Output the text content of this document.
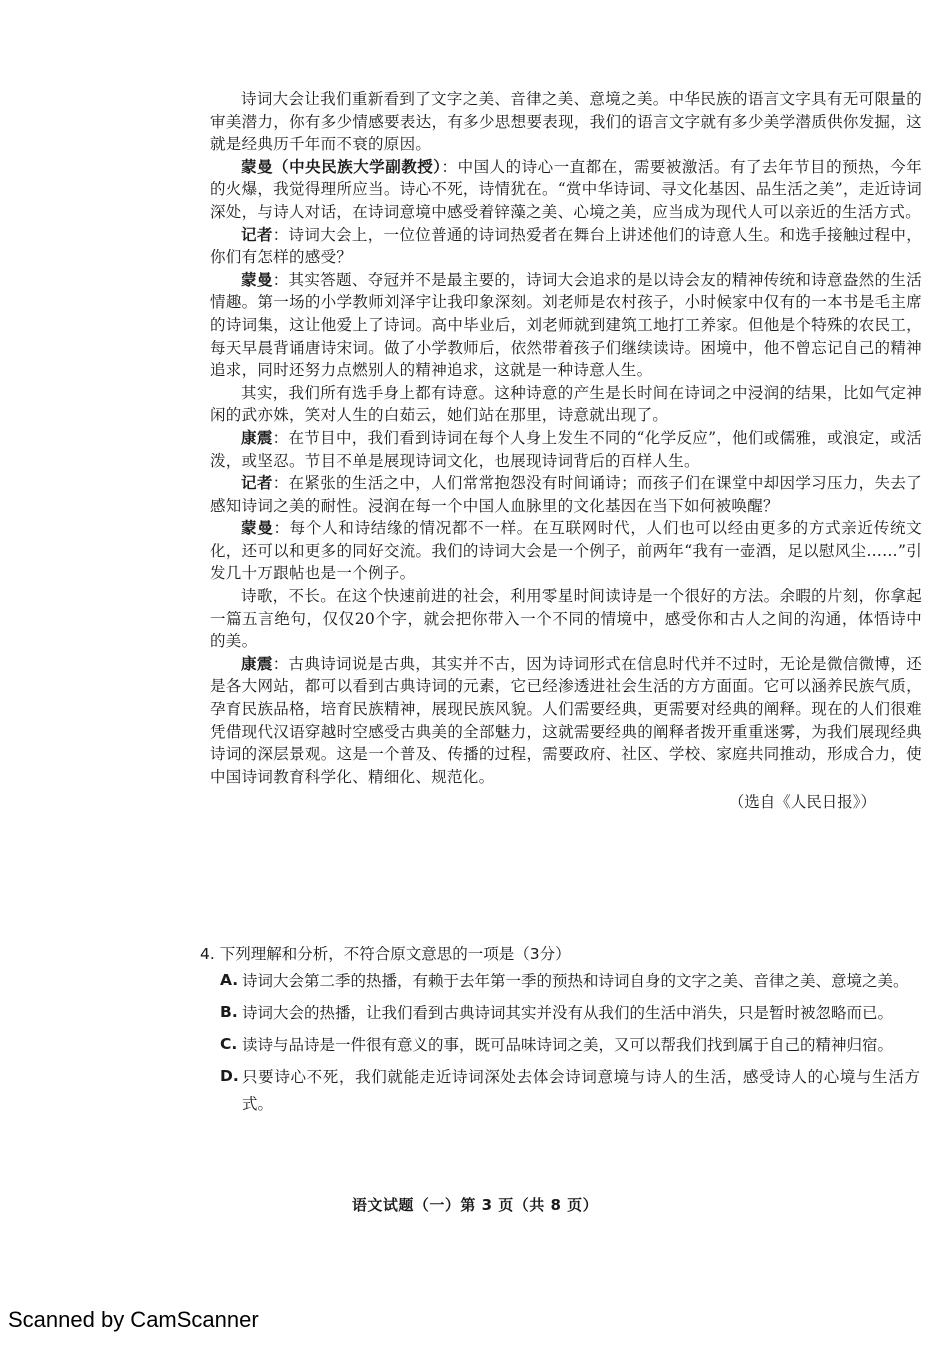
诗词大会让我们重新看到了文字之美、音律之美、意境之美。中华民族的语言文字具有无可限量的审美潜力，你有多少情感要表达，有多少思想要表现，我们的语言文字就有多少美学潜质供你发掘，这就是经典历千年而不衰的原因。

蒙曼（中央民族大学副教授）：中国人的诗心一直都在，需要被激活。有了去年节目的预热，今年的火爆，我觉得理所应当。诗心不死，诗情犹在。“赏中华诗词、寻文化基因、品生活之美”，走近诗词深处，与诗人对话，在诗词意境中感受着锌藻之美、心境之美，应当成为现代人可以亲近的生活方式。

记者：诗词大会上，一位位普通的诗词热爱者在舞台上讲述他们的诗意人生。和选手接触过程中，你们有怎样的感受？

蒙曼：其实答题、夺冠并不是最主要的，诗词大会追求的是以诗会友的精神传统和诗意盎然的生活情趣。第一场的小学教师刘泽宇让我印象深刻。刘老师是农村孩子，小时候家中仅有的一本书是毛主席的诗词集，这让他爱上了诗词。高中毕业后，刘老师就到建筑工地打工养家。但他是个特殊的农民工，每天早晨背诵唐诗宋词。做了小学教师后，依然带着孩子们继续读诗。困境中，他不曾忘记自己的精神追求，同时还努力点燃别人的精神追求，这就是一种诗意人生。

其实，我们所有选手身上都有诗意。这种诗意的产生是长时间在诗词之中浸润的结果，比如气定神闲的武亦姝，笑对人生的白茹云，她们站在那里，诗意就出现了。

康震：在节目中，我们看到诗词在每个人身上发生不同的“化学反应”，他们或儒雅，或浪定，或活泼，或坚忍。节目不单是展现诗词文化，也展现诗词背后的百样人生。

记者：在紧张的生活之中，人们常常抱怨没有时间诵诗；而孩子们在课堂中却因学习压力，失去了感知诗词之美的耐性。浸润在每一个中国人血脉里的文化基因在当下如何被唤醒？

蒙曼：每个人和诗结缘的情况都不一样。在互联网时代，人们也可以经由更多的方式亲近传统文化，还可以和更多的同好交流。我们的诗词大会是一个例子，前两年“我有一壶酒，足以慰风尘……”引发几十万跟帖也是一个例子。

诗歌，不长。在这个快速前进的社会，利用零星时间读诗是一个很好的方法。余暇的片刻，你拿起一篇五言绝句，仅仅20个字，就会把你带入一个不同的情境中，感受你和古人之间的沟通，体悟诗中的美。

康震：古典诗词说是古典，其实并不古，因为诗词形式在信息时代并不过时，无论是微信微博，还是各大网站，都可以看到古典诗词的元素，它已经渗透进社会生活的方方面面。它可以涵养民族气质，孕育民族品格，培育民族精神，展现民族风貌。人们需要经典，更需要对经典的阐释。现在的人们很难凭借现代汉语穿越时空感受古典美的全部魅力，这就需要经典的阐释者拨开重重迷雾，为我们展现经典诗词的深层景观。这是一个普及、传播的过程，需要政府、社区、学校、家庭共同推动，形成合力，使中国诗词教育科学化、精细化、规范化。

（选自《人民日报》）
4. 下列理解和分析，不符合原文意思的一项是（3分）
A. 诗词大会第二季的热播，有赖于去年第一季的预热和诗词自身的文字之美、音律之美、意境之美。
B. 诗词大会的热播，让我们看到古典诗词其实并没有从我们的生活中消失，只是暂时被忽略而已。
C. 读诗与品诗是一件很有意义的事，既可品味诗词之美，又可以帮我们找到属于自己的精神归宿。
D. 只要诗心不死，我们就能走近诗词深处去体会诗词意境与诗人的生活，感受诗人的心境与生活方式。
语文试题（一）第 3 页（共 8 页）
Scanned by CamScanner
